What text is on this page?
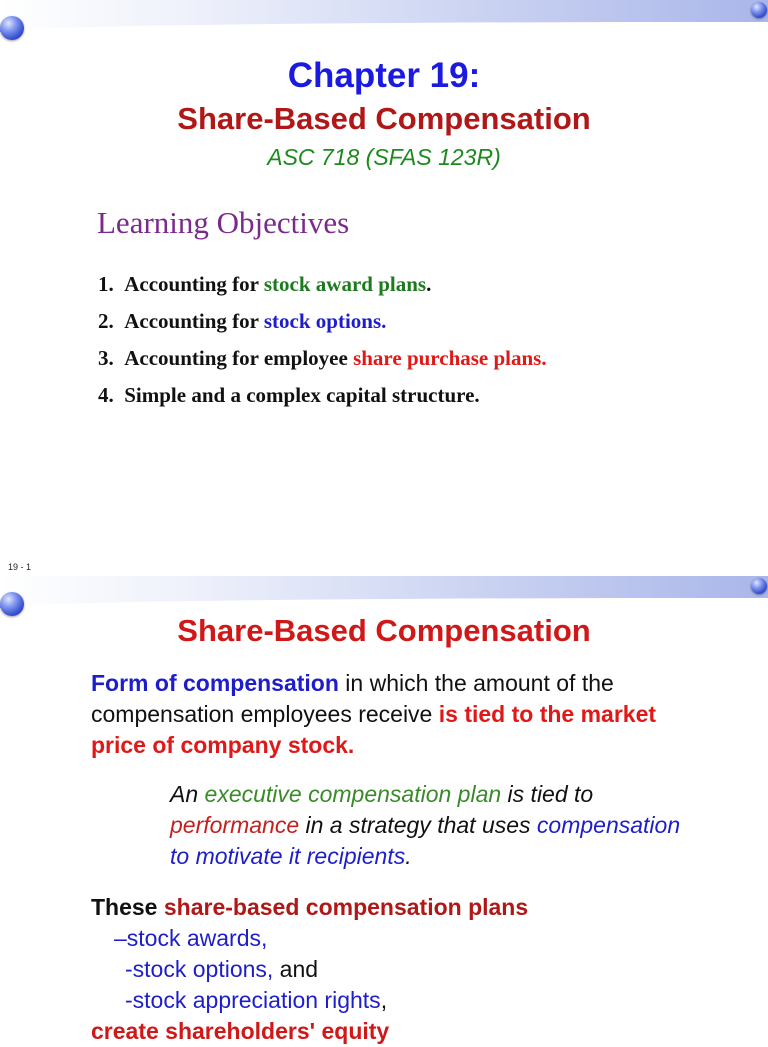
Chapter 19:
Share-Based Compensation

ASC 718 (SFAS 123R)

Learning Objectives
1. Accounting for stock award plans.
2. Accounting for stock options.
3. Accounting for employee share purchase plans.
4. Simple and a complex capital structure.
19 - 1
Share-Based Compensation

Form of compensation in which the amount of the compensation employees receive is tied to the market price of company stock.

An executive compensation plan is tied to performance in a strategy that uses compensation to motivate it recipients.

These share-based compensation plans

–stock awards,
-stock options, and
-stock appreciation rights,

create shareholders' equity
